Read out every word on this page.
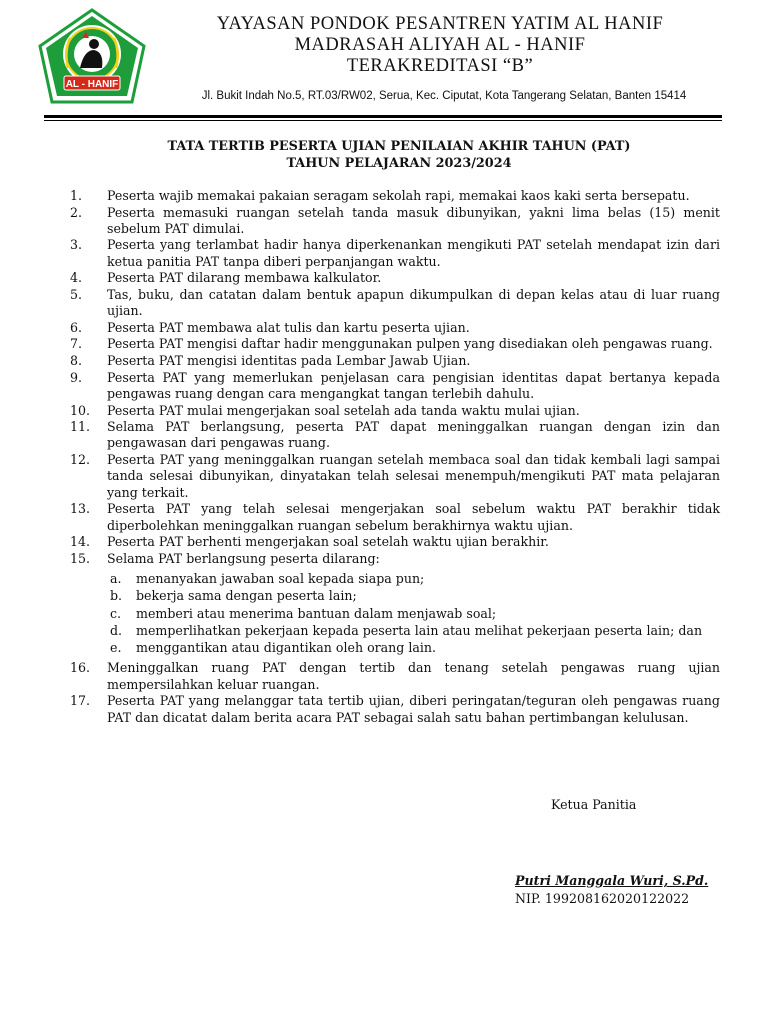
AL - HANIF
YAYASAN PONDOK PESANTREN YATIM AL HANIF
MADRASAH ALIYAH AL - HANIF
TERAKREDITASI “B”
Jl. Bukit Indah No.5, RT.03/RW02, Serua, Kec. Ciputat, Kota Tangerang Selatan, Banten 15414
TATA TERTIB PESERTA UJIAN PENILAIAN AKHIR TAHUN (PAT)
TAHUN PELAJARAN 2023/2024
1.	Peserta wajib memakai pakaian seragam sekolah rapi, memakai kaos kaki serta bersepatu.
2.	Peserta memasuki ruangan setelah tanda masuk dibunyikan, yakni lima belas (15) menit sebelum PAT dimulai.
3.	Peserta yang terlambat hadir hanya diperkenankan mengikuti PAT setelah mendapat izin dari ketua panitia PAT tanpa diberi perpanjangan waktu.
4.	Peserta PAT dilarang membawa kalkulator.
5.	Tas, buku, dan catatan dalam bentuk apapun dikumpulkan di depan kelas atau di luar ruang ujian.
6.	Peserta PAT membawa alat tulis dan kartu peserta ujian.
7.	Peserta PAT mengisi daftar hadir menggunakan pulpen yang disediakan oleh pengawas ruang.
8.	Peserta PAT mengisi identitas pada Lembar Jawab Ujian.
9.	Peserta PAT yang memerlukan penjelasan cara pengisian identitas dapat bertanya kepada pengawas ruang dengan cara mengangkat tangan terlebih dahulu.
10.	Peserta PAT mulai mengerjakan soal setelah ada tanda waktu mulai ujian.
11.	Selama PAT berlangsung, peserta PAT dapat meninggalkan ruangan dengan izin dan pengawasan dari pengawas ruang.
12.	Peserta PAT yang meninggalkan ruangan setelah membaca soal dan tidak kembali lagi sampai tanda selesai dibunyikan, dinyatakan telah selesai menempuh/mengikuti PAT mata pelajaran yang terkait.
13.	Peserta PAT yang telah selesai mengerjakan soal sebelum waktu PAT berakhir tidak diperbolehkan meninggalkan ruangan sebelum berakhirnya waktu ujian.
14.	Peserta PAT berhenti mengerjakan soal setelah waktu ujian berakhir.
15.	Selama PAT berlangsung peserta dilarang:
a.	menanyakan jawaban soal kepada siapa pun;
b.	bekerja sama dengan peserta lain;
c.	memberi atau menerima bantuan dalam menjawab soal;
d.	memperlihatkan pekerjaan kepada peserta lain atau melihat pekerjaan peserta lain; dan
e.	menggantikan atau digantikan oleh orang lain.
16.	Meninggalkan ruang PAT dengan tertib dan tenang setelah pengawas ruang ujian mempersilahkan keluar ruangan.
17.	Peserta PAT yang melanggar tata tertib ujian, diberi peringatan/teguran oleh pengawas ruang PAT dan dicatat dalam berita acara PAT sebagai salah satu bahan pertimbangan kelulusan.
Ketua Panitia
Putri Manggala Wuri, S.Pd.
NIP. 199208162020122022
